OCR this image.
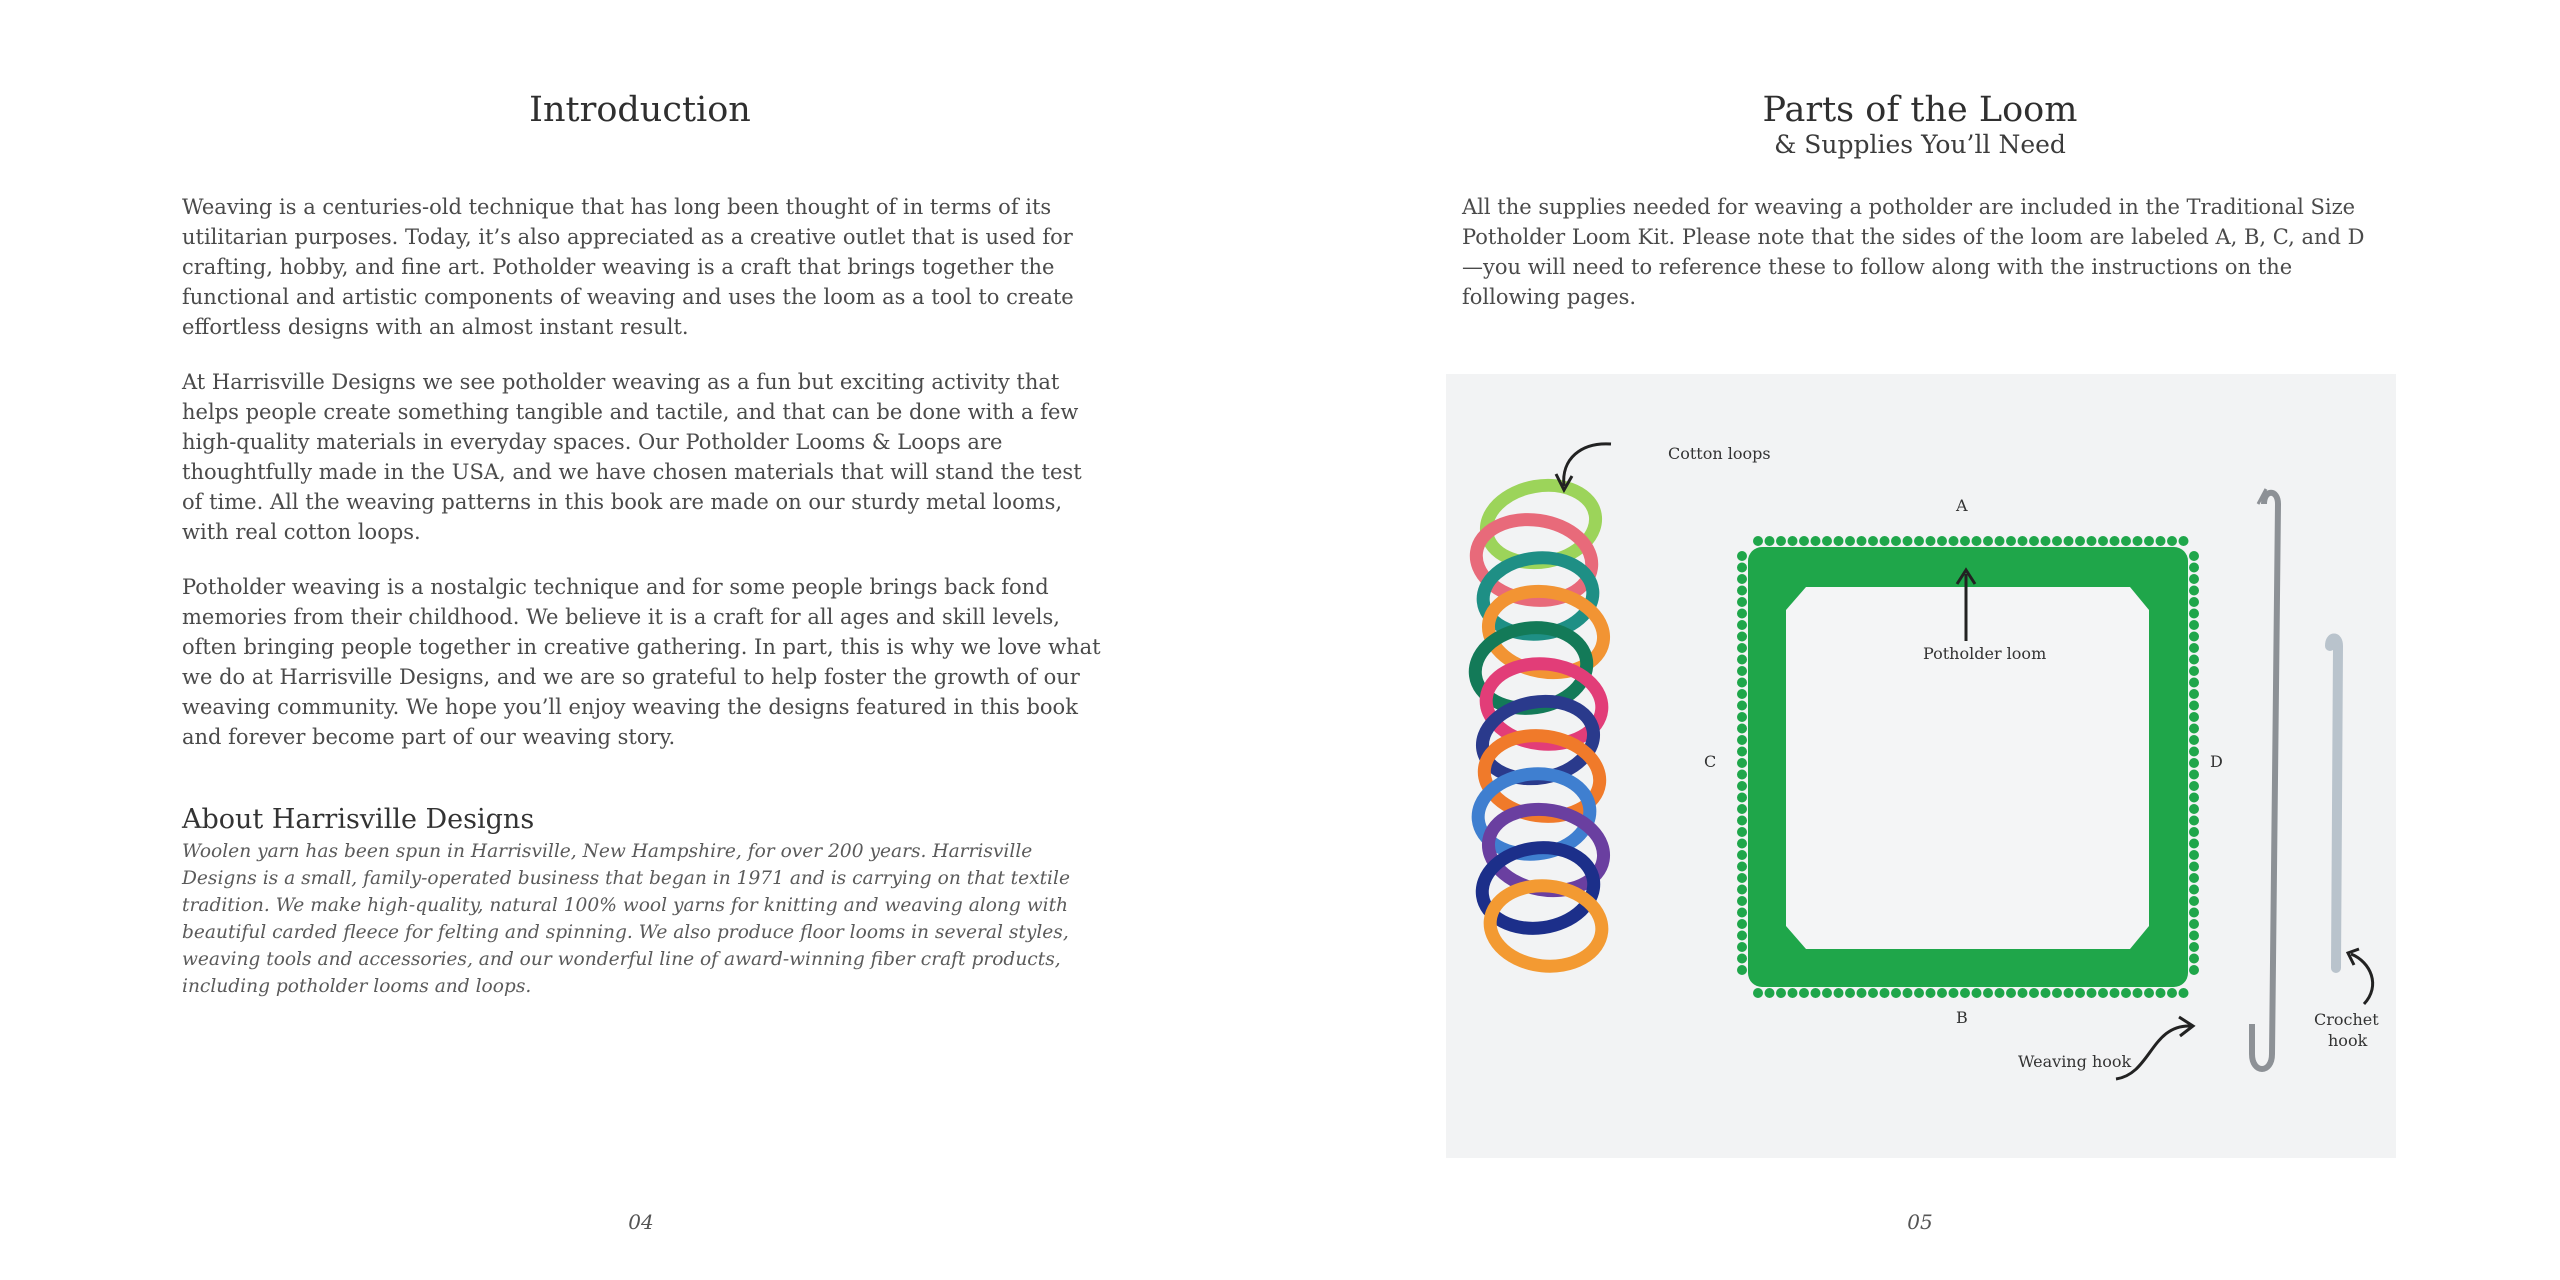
Introduction

Weaving is a centuries-old technique that has long been thought of in terms of its utilitarian purposes. Today, it’s also appreciated as a creative outlet that is used for crafting, hobby, and fine art. Potholder weaving is a craft that brings together the functional and artistic components of weaving and uses the loom as a tool to create effortless designs with an almost instant result.

At Harrisville Designs we see potholder weaving as a fun but exciting activity that helps people create something tangible and tactile, and that can be done with a few high-quality materials in everyday spaces. Our Potholder Looms & Loops are thoughtfully made in the USA, and we have chosen materials that will stand the test of time. All the weaving patterns in this book are made on our sturdy metal looms, with real cotton loops.

Potholder weaving is a nostalgic technique and for some people brings back fond memories from their childhood. We believe it is a craft for all ages and skill levels, often bringing people together in creative gathering. In part, this is why we love what we do at Harrisville Designs, and we are so grateful to help foster the growth of our weaving community. We hope you’ll enjoy weaving the designs featured in this book and forever become part of our weaving story.

About Harrisville Designs

Woolen yarn has been spun in Harrisville, New Hampshire, for over 200 years. Harrisville Designs is a small, family-operated business that began in 1971 and is carrying on that textile tradition. We make high-quality, natural 100% wool yarns for knitting and weaving along with beautiful carded fleece for felting and spinning. We also produce floor looms in several styles, weaving tools and accessories, and our wonderful line of award-winning fiber craft products, including potholder looms and loops.

04
Parts of the Loom
& Supplies You’ll Need

All the supplies needed for weaving a potholder are included in the Traditional Size Potholder Loom Kit. Please note that the sides of the loom are labeled A, B, C, and D—you will need to reference these to follow along with the instructions on the following pages.

Cotton loops
A
B
C	D
Potholder loom
Weaving hook
Crochet
hook
05
